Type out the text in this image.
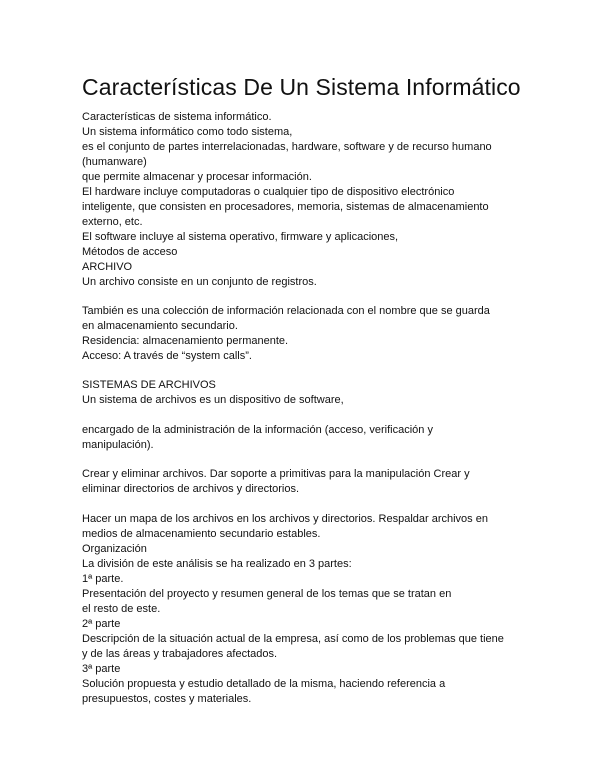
Características De Un Sistema Informático
Características de sistema informático.
Un sistema informático como todo sistema,
es el conjunto de partes interrelacionadas, hardware, software y de recurso humano
(humanware)
que permite almacenar y procesar información.
El hardware incluye computadoras o cualquier tipo de dispositivo electrónico
inteligente, que consisten en procesadores, memoria, sistemas de almacenamiento
externo, etc.
El software incluye al sistema operativo, firmware y aplicaciones,
Métodos de acceso
ARCHIVO
Un archivo consiste en un conjunto de registros.
También es una colección de información relacionada con el nombre que se guarda
en almacenamiento secundario.
Residencia: almacenamiento permanente.
Acceso: A través de “system calls”.
SISTEMAS DE ARCHIVOS
Un sistema de archivos es un dispositivo de software,
encargado de la administración de la información (acceso, verificación y
manipulación).
Crear y eliminar archivos. Dar soporte a primitivas para la manipulación Crear y
eliminar directorios de archivos y directorios.
Hacer un mapa de los archivos en los archivos y directorios. Respaldar archivos en
medios de almacenamiento secundario estables.
Organización
La división de este análisis se ha realizado en 3 partes:
1ª parte.
Presentación del proyecto y resumen general de los temas que se tratan en
el resto de este.
2ª parte
Descripción de la situación actual de la empresa, así como de los problemas que tiene
y de las áreas y trabajadores afectados.
3ª parte
Solución propuesta y estudio detallado de la misma, haciendo referencia a
presupuestos, costes y materiales.
